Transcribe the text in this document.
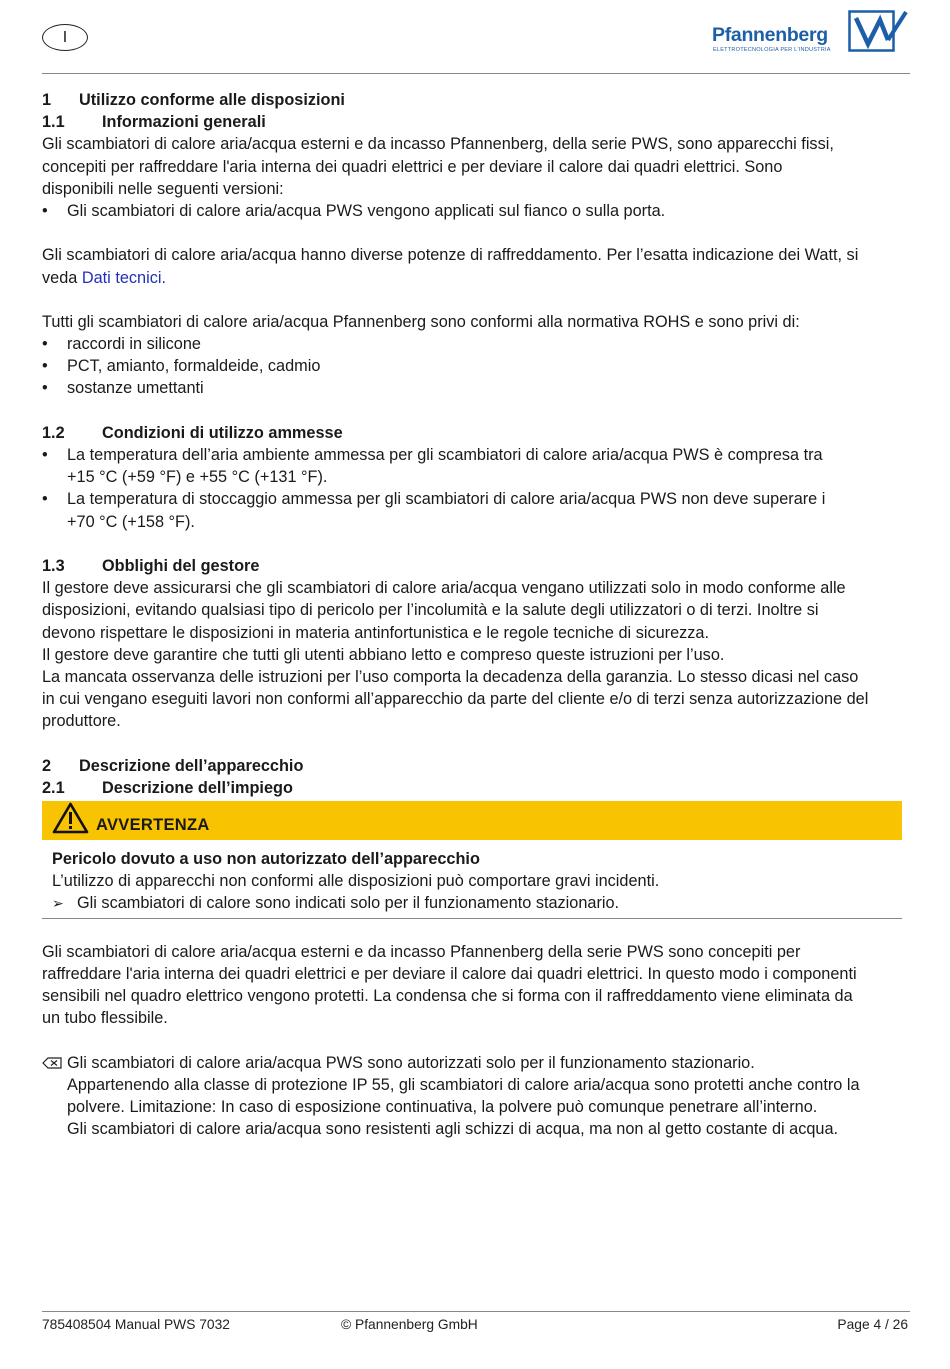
I	Pfannenberg
ELETTROTECNOLOGIA PER L'INDUSTRIA
1 Utilizzo conforme alle disposizioni
1.1 Informazioni generali
Gli scambiatori di calore aria/acqua esterni e da incasso Pfannenberg, della serie PWS, sono apparecchi fissi,
concepiti per raffreddare l'aria interna dei quadri elettrici e per deviare il calore dai quadri elettrici. Sono
disponibili nelle seguenti versioni:
• Gli scambiatori di calore aria/acqua PWS vengono applicati sul fianco o sulla porta.
Gli scambiatori di calore aria/acqua hanno diverse potenze di raffreddamento. Per l’esatta indicazione dei Watt, si
veda Dati tecnici.
Tutti gli scambiatori di calore aria/acqua Pfannenberg sono conformi alla normativa ROHS e sono privi di:
• raccordi in silicone
• PCT, amianto, formaldeide, cadmio
• sostanze umettanti
1.2 Condizioni di utilizzo ammesse
• La temperatura dell’aria ambiente ammessa per gli scambiatori di calore aria/acqua PWS è compresa tra
+15 °C (+59 °F) e +55 °C (+131 °F).
• La temperatura di stoccaggio ammessa per gli scambiatori di calore aria/acqua PWS non deve superare i
+70 °C (+158 °F).
1.3 Obblighi del gestore
Il gestore deve assicurarsi che gli scambiatori di calore aria/acqua vengano utilizzati solo in modo conforme alle
disposizioni, evitando qualsiasi tipo di pericolo per l’incolumità e la salute degli utilizzatori o di terzi. Inoltre si
devono rispettare le disposizioni in materia antinfortunistica e le regole tecniche di sicurezza.
Il gestore deve garantire che tutti gli utenti abbiano letto e compreso queste istruzioni per l’uso.
La mancata osservanza delle istruzioni per l’uso comporta la decadenza della garanzia. Lo stesso dicasi nel caso
in cui vengano eseguiti lavori non conformi all’apparecchio da parte del cliente e/o di terzi senza autorizzazione del
produttore.
2 Descrizione dell’apparecchio
2.1 Descrizione dell’impiego
AVVERTENZA
Pericolo dovuto a uso non autorizzato dell’apparecchio
L’utilizzo di apparecchi non conformi alle disposizioni può comportare gravi incidenti.
➢ Gli scambiatori di calore sono indicati solo per il funzionamento stazionario.
Gli scambiatori di calore aria/acqua esterni e da incasso Pfannenberg della serie PWS sono concepiti per
raffreddare l'aria interna dei quadri elettrici e per deviare il calore dai quadri elettrici. In questo modo i componenti
sensibili nel quadro elettrico vengono protetti. La condensa che si forma con il raffreddamento viene eliminata da
un tubo flessibile.
Gli scambiatori di calore aria/acqua PWS sono autorizzati solo per il funzionamento stazionario.
Appartenendo alla classe di protezione IP 55, gli scambiatori di calore aria/acqua sono protetti anche contro la
polvere. Limitazione: In caso di esposizione continuativa, la polvere può comunque penetrare all’interno.
Gli scambiatori di calore aria/acqua sono resistenti agli schizzi di acqua, ma non al getto costante di acqua.
785408504 Manual PWS 7032	© Pfannenberg GmbH	Page 4 / 26
